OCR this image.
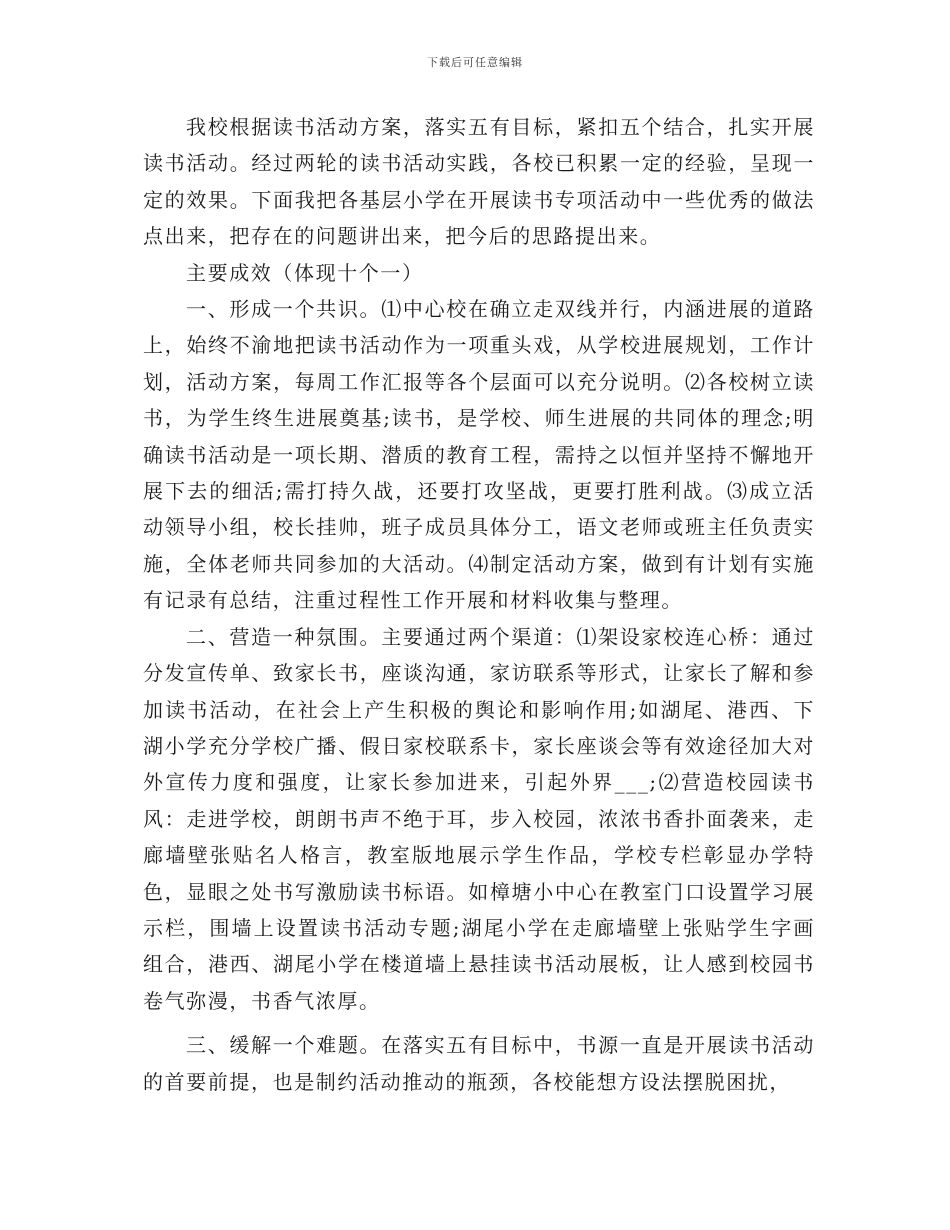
下载后可任意编辑

我校根据读书活动方案，落实五有目标，紧扣五个结合，扎实开展读书活动。经过两轮的读书活动实践，各校已积累一定的经验，呈现一定的效果。下面我把各基层小学在开展读书专项活动中一些优秀的做法点出来，把存在的问题讲出来，把今后的思路提出来。

主要成效（体现十个一）

一、形成一个共识。⑴中心校在确立走双线并行，内涵进展的道路上，始终不渝地把读书活动作为一项重头戏，从学校进展规划，工作计划，活动方案，每周工作汇报等各个层面可以充分说明。⑵各校树立读书，为学生终生进展奠基;读书，是学校、师生进展的共同体的理念;明确读书活动是一项长期、潜质的教育工程，需持之以恒并坚持不懈地开展下去的细活;需打持久战，还要打攻坚战，更要打胜利战。⑶成立活动领导小组，校长挂帅，班子成员具体分工，语文老师或班主任负责实施，全体老师共同参加的大活动。⑷制定活动方案，做到有计划有实施有记录有总结，注重过程性工作开展和材料收集与整理。

二、营造一种氛围。主要通过两个渠道：⑴架设家校连心桥：通过分发宣传单、致家长书，座谈沟通，家访联系等形式，让家长了解和参加读书活动，在社会上产生积极的舆论和影响作用;如湖尾、港西、下湖小学充分学校广播、假日家校联系卡，家长座谈会等有效途径加大对外宣传力度和强度，让家长参加进来，引起外界___;⑵营造校园读书风：走进学校，朗朗书声不绝于耳，步入校园，浓浓书香扑面袭来，走廊墙壁张贴名人格言，教室版地展示学生作品，学校专栏彰显办学特色，显眼之处书写激励读书标语。如樟塘小中心在教室门口设置学习展示栏，围墙上设置读书活动专题;湖尾小学在走廊墙壁上张贴学生字画组合，港西、湖尾小学在楼道墙上悬挂读书活动展板，让人感到校园书卷气弥漫，书香气浓厚。

三、缓解一个难题。在落实五有目标中，书源一直是开展读书活动的首要前提，也是制约活动推动的瓶颈，各校能想方设法摆脱困扰，
